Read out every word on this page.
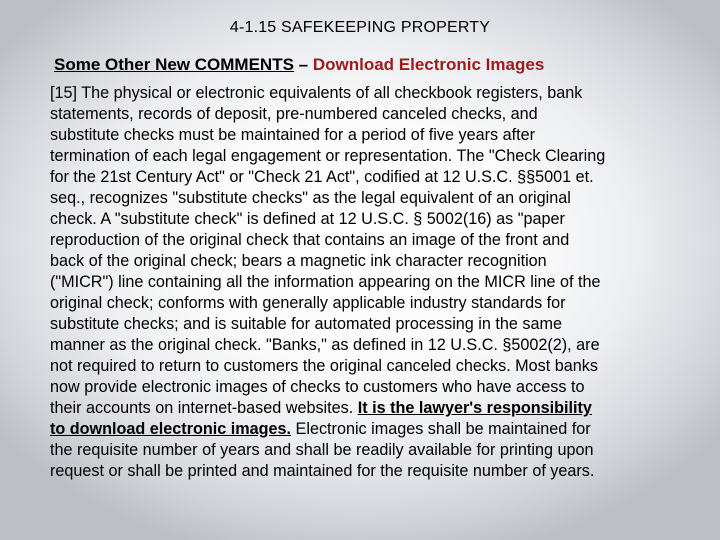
4-1.15 SAFEKEEPING PROPERTY
Some Other New COMMENTS – Download Electronic Images
[15] The physical or electronic equivalents of all checkbook registers, bank
statements, records of deposit, pre-numbered canceled checks, and
substitute checks must be maintained for a period of five years after
termination of each legal engagement or representation. The "Check Clearing
for the 21st Century Act" or "Check 21 Act", codified at 12 U.S.C. §§5001 et.
seq., recognizes "substitute checks" as the legal equivalent of an original
check. A "substitute check" is defined at 12 U.S.C. § 5002(16) as "paper
reproduction of the original check that contains an image of the front and
back of the original check; bears a magnetic ink character recognition
("MICR") line containing all the information appearing on the MICR line of the
original check; conforms with generally applicable industry standards for
substitute checks; and is suitable for automated processing in the same
manner as the original check. "Banks," as defined in 12 U.S.C. §5002(2), are
not required to return to customers the original canceled checks. Most banks
now provide electronic images of checks to customers who have access to
their accounts on internet-based websites. It is the lawyer's responsibility
to download electronic images. Electronic images shall be maintained for
the requisite number of years and shall be readily available for printing upon
request or shall be printed and maintained for the requisite number of years.
